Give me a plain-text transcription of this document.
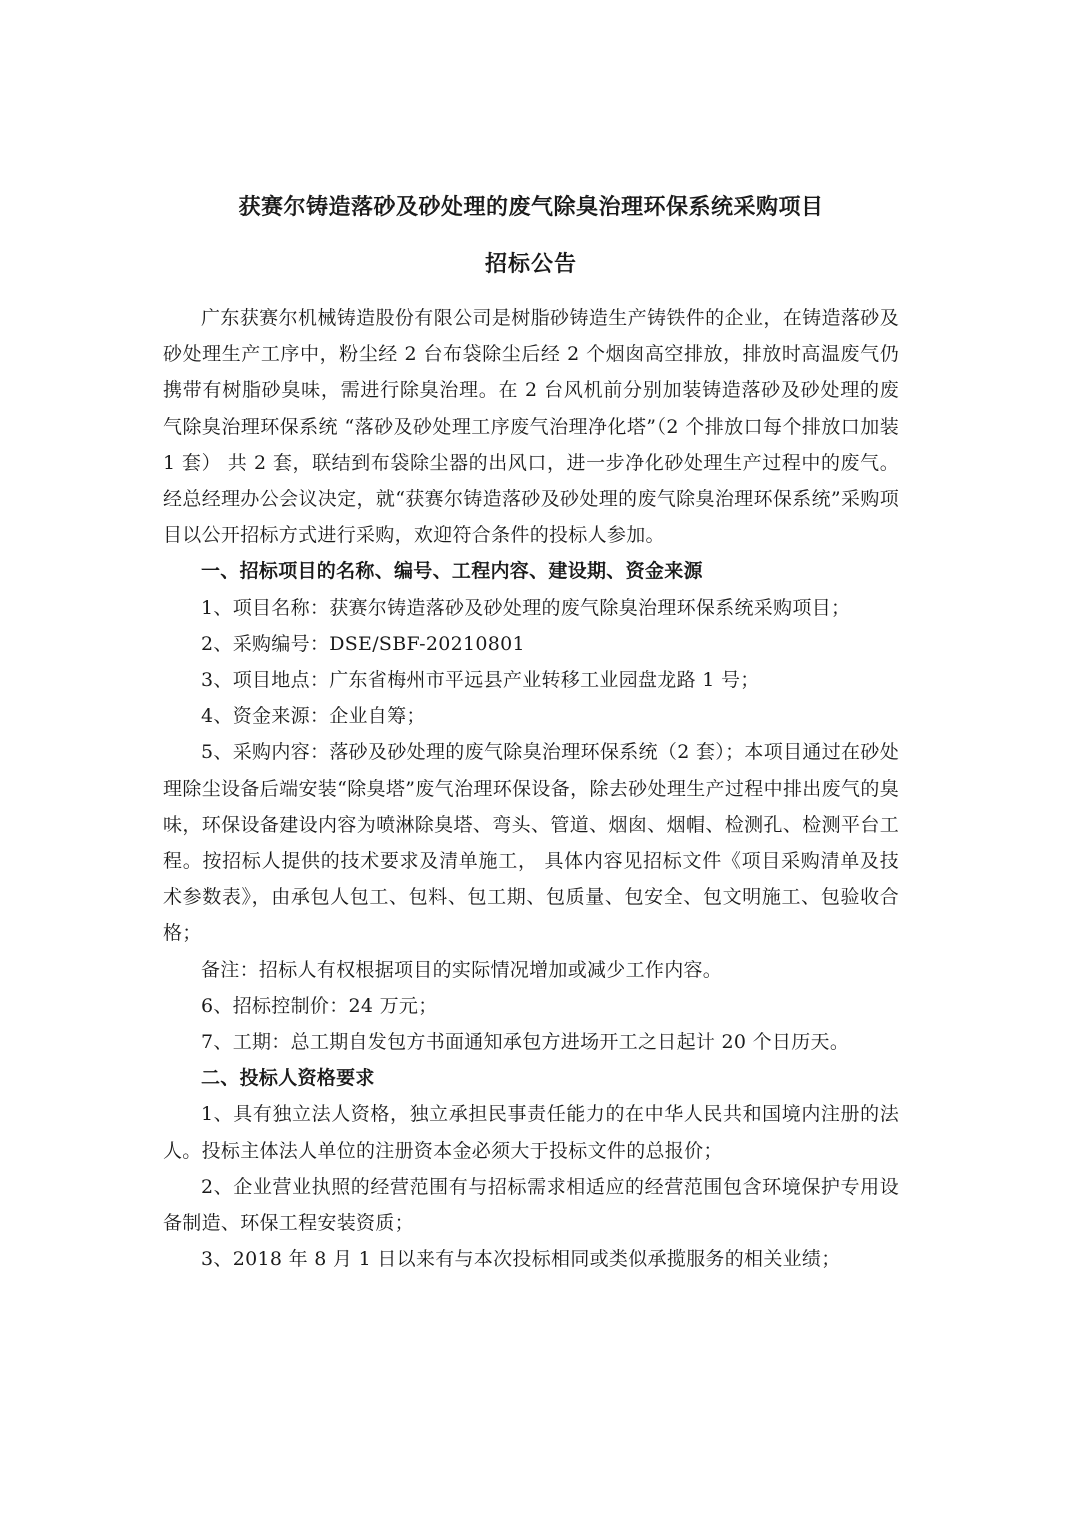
获赛尔铸造落砂及砂处理的废气除臭治理环保系统采购项目
招标公告

广东获赛尔机械铸造股份有限公司是树脂砂铸造生产铸铁件的企业，在铸造落砂及砂处理生产工序中，粉尘经 2 台布袋除尘后经 2 个烟囱高空排放，排放时高温废气仍携带有树脂砂臭味，需进行除臭治理。在 2 台风机前分别加装铸造落砂及砂处理的废气除臭治理环保系统 “落砂及砂处理工序废气治理净化塔”（2 个排放口每个排放口加装 1 套） 共 2 套，联结到布袋除尘器的出风口，进一步净化砂处理生产过程中的废气。经总经理办公会议决定，就“获赛尔铸造落砂及砂处理的废气除臭治理环保系统”采购项目以公开招标方式进行采购，欢迎符合条件的投标人参加。

一、招标项目的名称、编号、工程内容、建设期、资金来源

1、项目名称：获赛尔铸造落砂及砂处理的废气除臭治理环保系统采购项目；

2、采购编号：DSE/SBF-20210801

3、项目地点：广东省梅州市平远县产业转移工业园盘龙路 1 号；

4、资金来源：企业自筹；

5、采购内容：落砂及砂处理的废气除臭治理环保系统（2 套）；本项目通过在砂处理除尘设备后端安装“除臭塔”废气治理环保设备，除去砂处理生产过程中排出废气的臭味，环保设备建设内容为喷淋除臭塔、弯头、管道、烟囱、烟帽、检测孔、检测平台工程。按招标人提供的技术要求及清单施工， 具体内容见招标文件《项目采购清单及技术参数表》，由承包人包工、包料、包工期、包质量、包安全、包文明施工、包验收合格；

备注：招标人有权根据项目的实际情况增加或减少工作内容。

6、招标控制价：24 万元；

7、工期：总工期自发包方书面通知承包方进场开工之日起计 20 个日历天。

二、投标人资格要求

1、具有独立法人资格，独立承担民事责任能力的在中华人民共和国境内注册的法人。投标主体法人单位的注册资本金必须大于投标文件的总报价；

2、企业营业执照的经营范围有与招标需求相适应的经营范围包含环境保护专用设备制造、环保工程安装资质；

3、2018 年 8 月 1 日以来有与本次投标相同或类似承揽服务的相关业绩；
